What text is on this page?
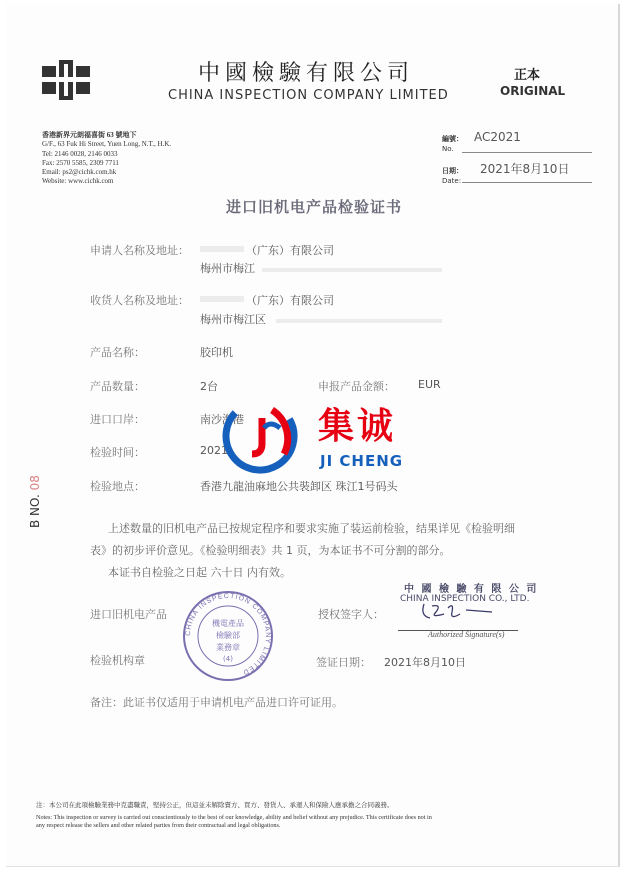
中國檢驗有限公司
CHINA INSPECTION COMPANY LIMITED
正本
ORIGINAL
香港新界元朗福喜街 63 號地下
G/F., 63 Fuk Hi Street, Yuen Long, N.T., H.K.
Tel: 2146 0028, 2146 0033
Fax: 2570 5585, 2309 7711
Email: ps2@cichk.com.hk
Website: www.cichk.com
編號：
No.
AC2021
日期：
Date:
2021年8月10日
进口旧机电产品检验证书
申请人名称及地址：	（广东）有限公司
梅州市梅江
收货人名称及地址：	（广东）有限公司
梅州市梅江区
产品名称：	胶印机
产品数量：	2台	申报产品金额： EUR
进口口岸：	南沙海港
检验时间：	2021
检验地点：	香港九龍油麻地公共裝卸区 珠江1号码头
B NO. 08
集诚
JI CHENG
上述数量的旧机电产品已按规定程序和要求实施了装运前检验，结果详见《检验明细
表》的初步评价意见。《检验明细表》共 1 页，为本证书不可分割的部分。
本证书自检验之日起 六十日 内有效。
进口旧机电产品
检验机构章
CHINA INSPECTION COMPANY LIMITED
機電產品
檢驗部
業務章
(4)
中 國 檢 驗 有 限 公 司
CHINA INSPECTION CO., LTD.
授权签字人：
Authorized Signature(s)
签证日期： 2021年8月10日
备注：此证书仅适用于申请机电产品进口许可证用。
注：本公司在此項檢驗業務中克盡職責，堅持公正，但這並未解除賣方、買方、發貨人、承運人和保險人應承擔之合同義務。
Notes: This inspection or survey is carried out conscientiously to the best of our knowledge, ability and belief without any prejudice. This certificate does not in
any respect release the sellers and other related parties from their contractual and legal obligations.
